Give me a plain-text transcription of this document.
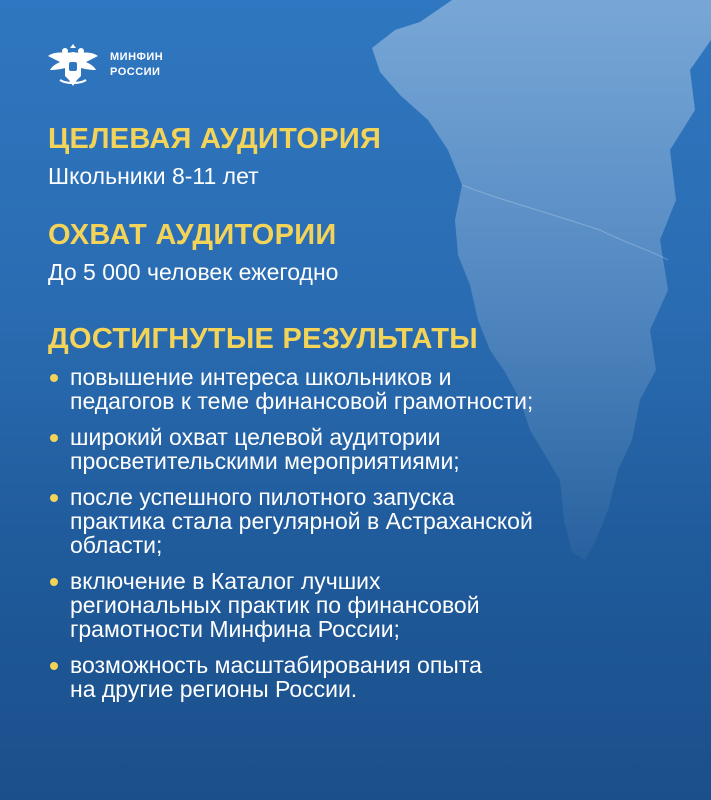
МИНФИН
РОССИИ
ЦЕЛЕВАЯ АУДИТОРИЯ

Школьники 8-11 лет

ОХВАТ АУДИТОРИИ

До 5 000 человек ежегодно

ДОСТИГНУТЫЕ РЕЗУЛЬТАТЫ
повышение интереса школьников и
педагогов к теме финансовой грамотности;
широкий охват целевой аудитории
просветительскими мероприятиями;
после успешного пилотного запуска
практика стала регулярной в Астраханской
области;
включение в Каталог лучших
региональных практик по финансовой
грамотности Минфина России;
возможность масштабирования опыта
на другие регионы России.
